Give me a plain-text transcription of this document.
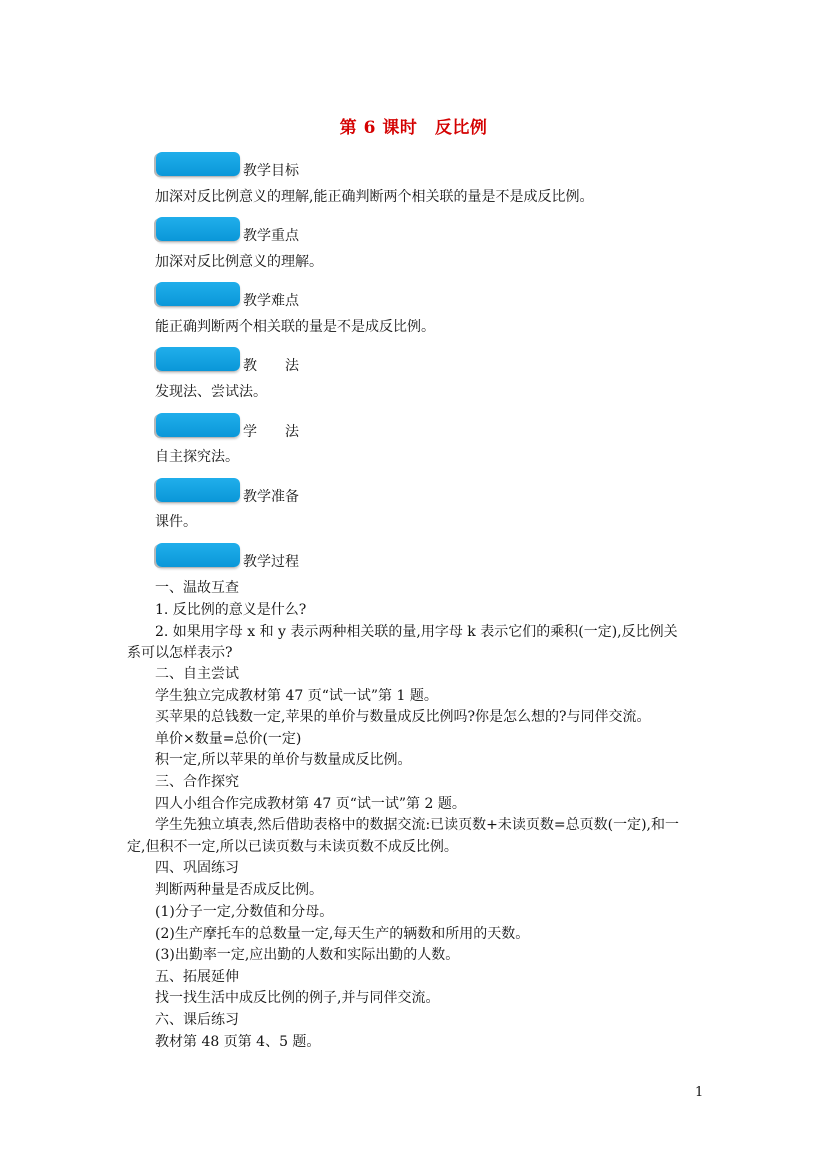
第 6 课时　反比例
教学目标
加深对反比例意义的理解,能正确判断两个相关联的量是不是成反比例。
教学重点
加深对反比例意义的理解。
教学难点
能正确判断两个相关联的量是不是成反比例。
教　　法
发现法、尝试法。
学　　法
自主探究法。
教学准备
课件。
教学过程
一、温故互查
1. 反比例的意义是什么?
2. 如果用字母 x 和 y 表示两种相关联的量,用字母 k 表示它们的乘积(一定),反比例关
系可以怎样表示?
二、自主尝试
学生独立完成教材第 47 页“试一试”第 1 题。
买苹果的总钱数一定,苹果的单价与数量成反比例吗?你是怎么想的?与同伴交流。
单价×数量=总价(一定)
积一定,所以苹果的单价与数量成反比例。
三、合作探究
四人小组合作完成教材第 47 页“试一试”第 2 题。
学生先独立填表,然后借助表格中的数据交流:已读页数+未读页数=总页数(一定),和一
定,但积不一定,所以已读页数与未读页数不成反比例。
四、巩固练习
判断两种量是否成反比例。
(1)分子一定,分数值和分母。
(2)生产摩托车的总数量一定,每天生产的辆数和所用的天数。
(3)出勤率一定,应出勤的人数和实际出勤的人数。
五、拓展延伸
找一找生活中成反比例的例子,并与同伴交流。
六、课后练习
教材第 48 页第 4、5 题。
1
